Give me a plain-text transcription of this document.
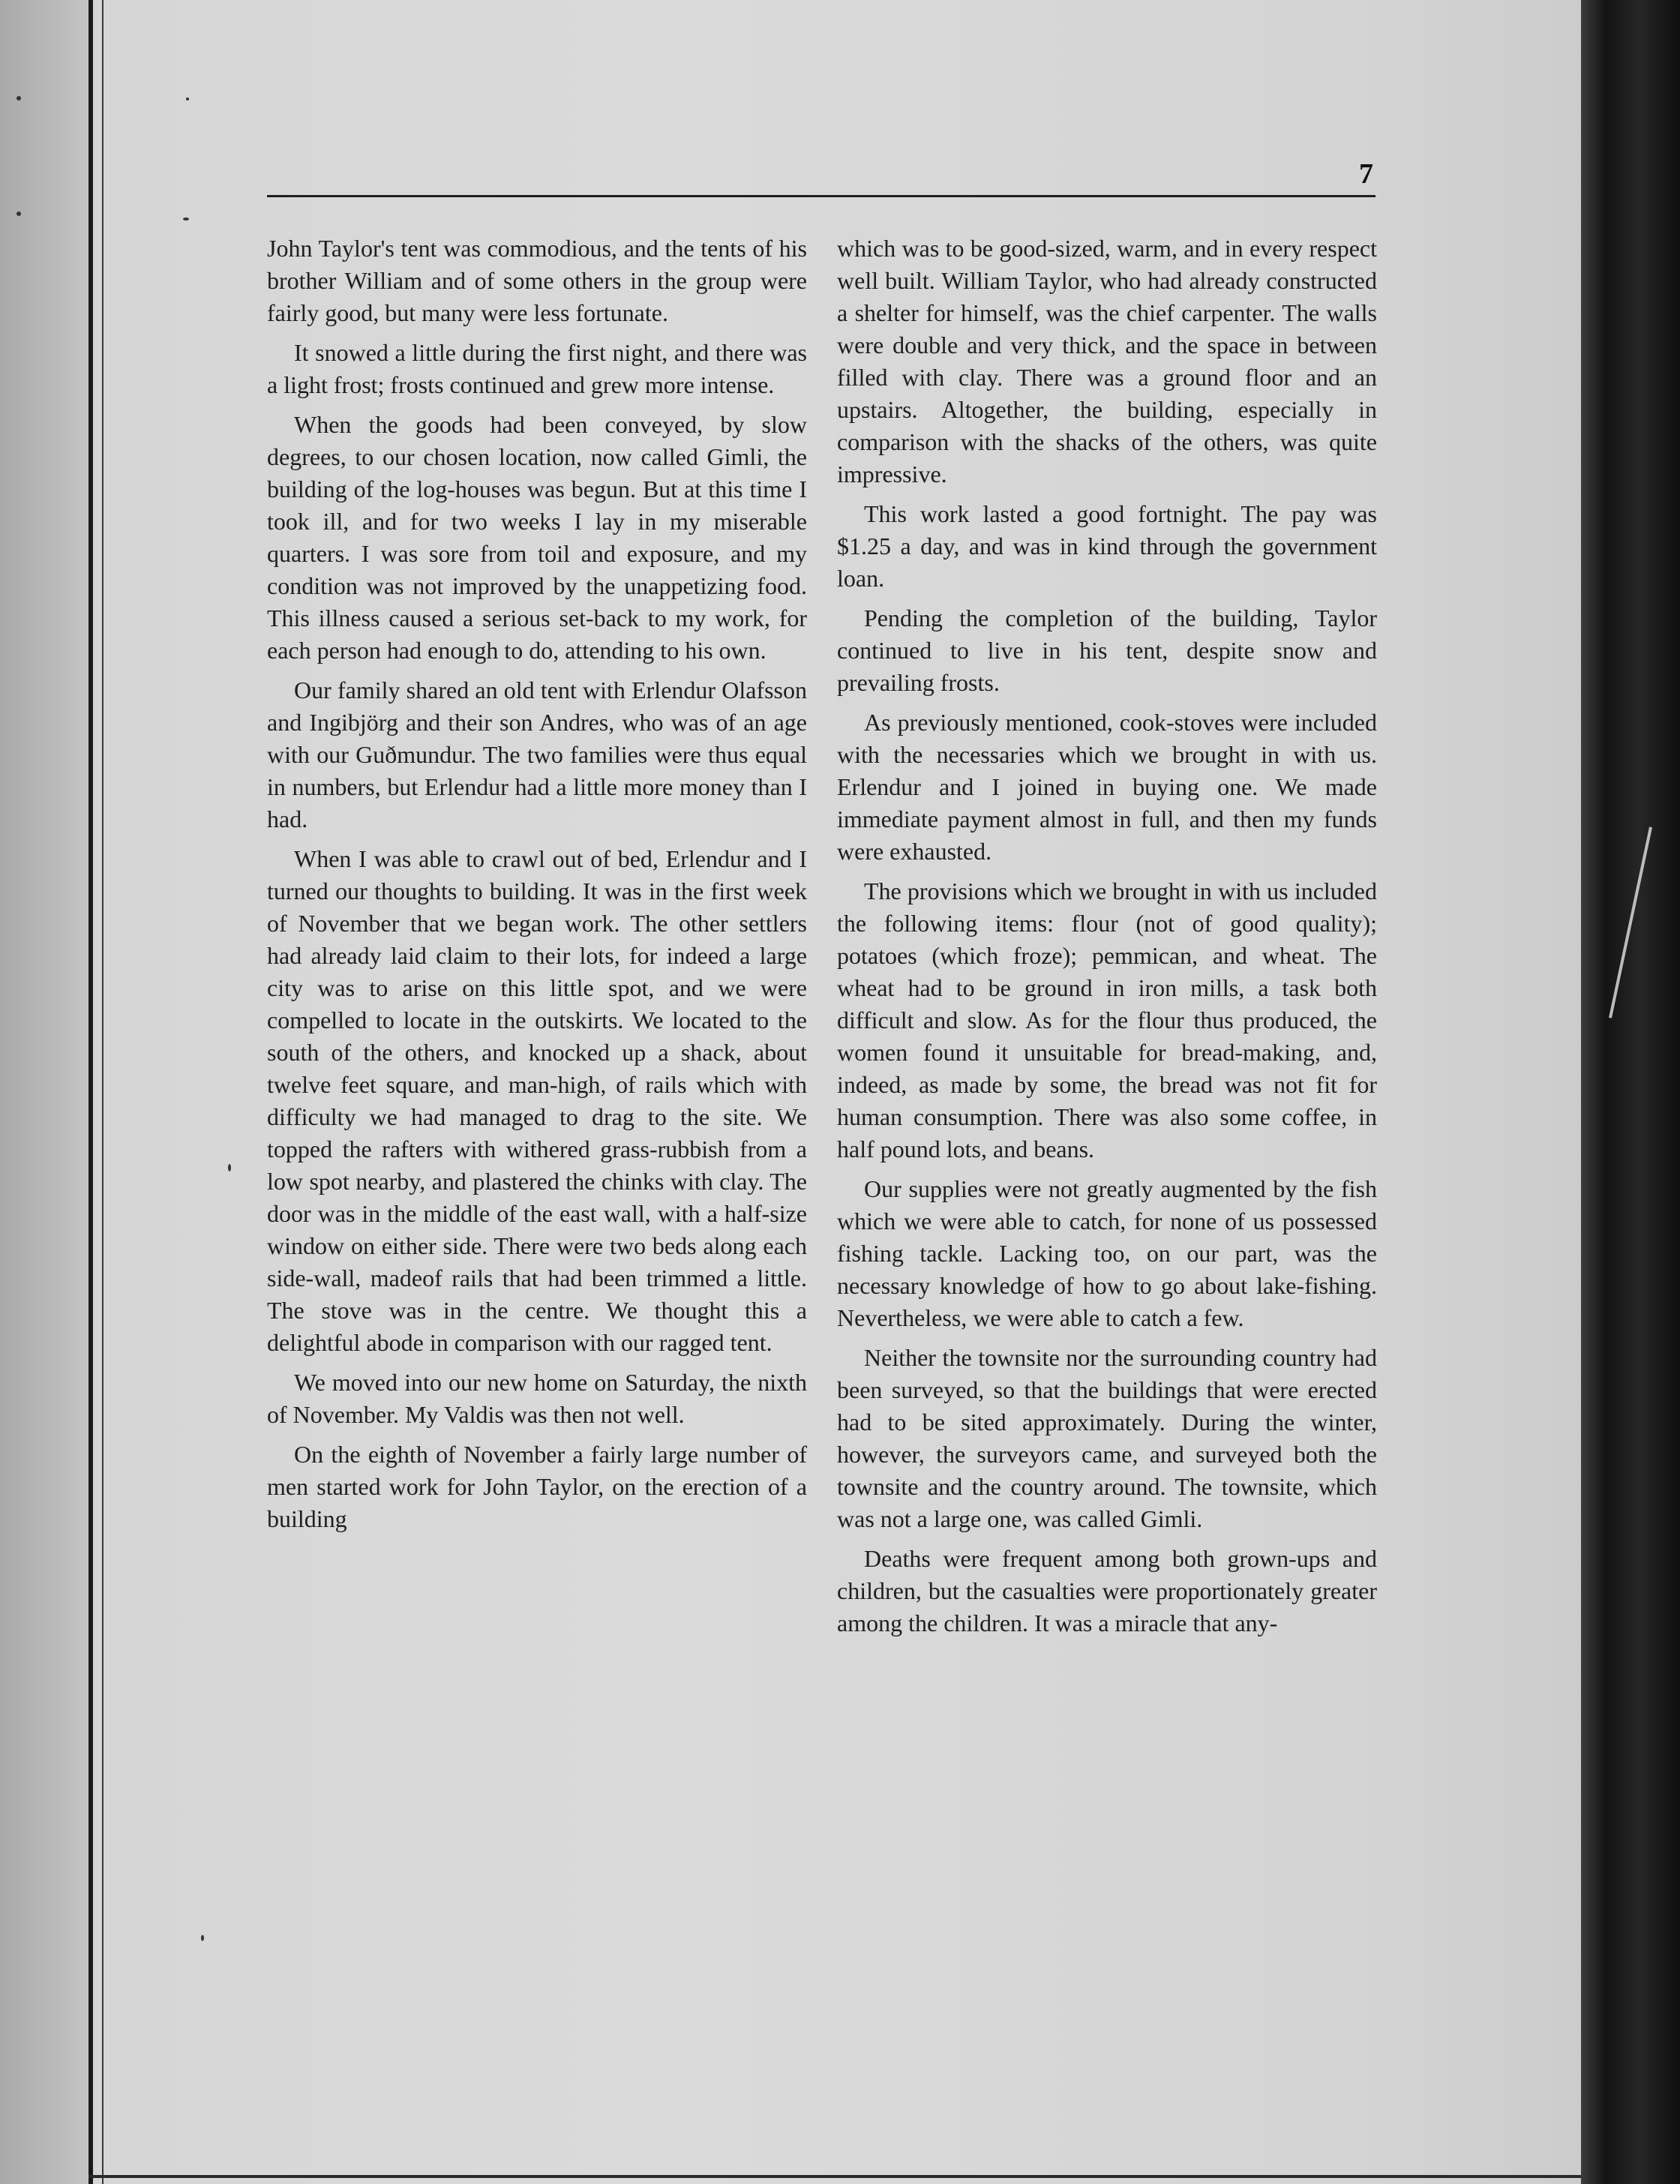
7

John Taylor's tent was commodious, and the tents of his brother William and of some others in the group were fairly good, but many were less fortunate.

It snowed a little during the first night, and there was a light frost; frosts continued and grew more intense.

When the goods had been conveyed, by slow degrees, to our chosen location, now called Gimli, the building of the log-houses was begun. But at this time I took ill, and for two weeks I lay in my miserable quarters. I was sore from toil and exposure, and my condition was not improved by the unappetizing food. This illness caused a serious set-back to my work, for each person had enough to do, attending to his own.

Our family shared an old tent with Erlendur Olafsson and Ingibjörg and their son Andres, who was of an age with our Guðmundur. The two families were thus equal in numbers, but Erlendur had a little more money than I had.

When I was able to crawl out of bed, Erlendur and I turned our thoughts to building. It was in the first week of November that we began work. The other settlers had already laid claim to their lots, for indeed a large city was to arise on this little spot, and we were compelled to locate in the outskirts. We located to the south of the others, and knocked up a shack, about twelve feet square, and man-high, of rails which with difficulty we had managed to drag to the site. We topped the rafters with withered grass-rubbish from a low spot nearby, and plastered the chinks with clay. The door was in the middle of the east wall, with a half-size window on either side. There were two beds along each side-wall, madeof rails that had been trimmed a little. The stove was in the centre. We thought this a delightful abode in comparison with our ragged tent.

We moved into our new home on Saturday, the nixth of November. My Valdis was then not well.

On the eighth of November a fairly large number of men started work for John Taylor, on the erection of a building

which was to be good-sized, warm, and in every respect well built. William Taylor, who had already constructed a shelter for himself, was the chief carpenter. The walls were double and very thick, and the space in between filled with clay. There was a ground floor and an upstairs. Altogether, the building, especially in comparison with the shacks of the others, was quite impressive.

This work lasted a good fortnight. The pay was $1.25 a day, and was in kind through the government loan.

Pending the completion of the building, Taylor continued to live in his tent, despite snow and prevailing frosts.

As previously mentioned, cook-stoves were included with the necessaries which we brought in with us. Erlendur and I joined in buying one. We made immediate payment almost in full, and then my funds were exhausted.

The provisions which we brought in with us included the following items: flour (not of good quality); potatoes (which froze); pemmican, and wheat. The wheat had to be ground in iron mills, a task both difficult and slow. As for the flour thus produced, the women found it unsuitable for bread-making, and, indeed, as made by some, the bread was not fit for human consumption. There was also some coffee, in half pound lots, and beans.

Our supplies were not greatly augmented by the fish which we were able to catch, for none of us possessed fishing tackle. Lacking too, on our part, was the necessary knowledge of how to go about lake-fishing. Nevertheless, we were able to catch a few.

Neither the townsite nor the surrounding country had been surveyed, so that the buildings that were erected had to be sited approximately. During the winter, however, the surveyors came, and surveyed both the townsite and the country around. The townsite, which was not a large one, was called Gimli.

Deaths were frequent among both grown-ups and children, but the casualties were proportionately greater among the children. It was a miracle that any-
